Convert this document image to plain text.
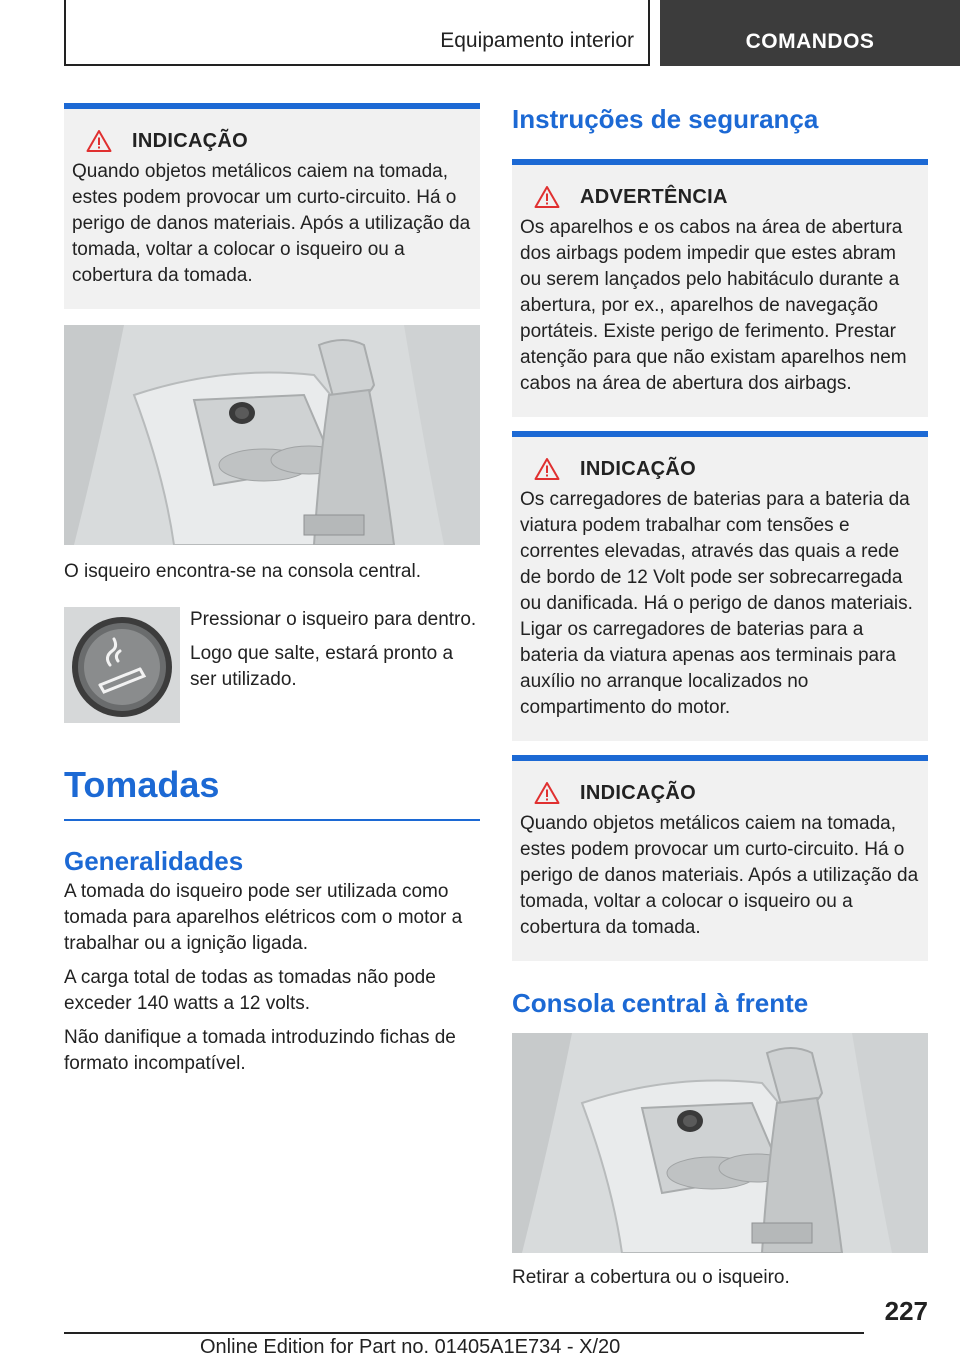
Equipamento interior	COMANDOS
INDICAÇÃO
Quando objetos metálicos caiem na tomada, estes podem provocar um curto-circuito. Há o perigo de danos materiais. Após a utilização da tomada, voltar a colocar o isqueiro ou a cobertura da tomada.
O isqueiro encontra-se na consola central.

Pressionar o isqueiro para dentro.

Logo que salte, estará pronto a ser utilizado.

Tomadas
Generalidades

A tomada do isqueiro pode ser utilizada como tomada para aparelhos elétricos com o motor a trabalhar ou a ignição ligada.

A carga total de todas as tomadas não pode exceder 140 watts a 12 volts.

Não danifique a tomada introduzindo fichas de formato incompatível.

Instruções de segurança
ADVERTÊNCIA
Os aparelhos e os cabos na área de abertura dos airbags podem impedir que estes abram ou serem lançados pelo habitáculo durante a abertura, por ex., aparelhos de navegação portáteis. Existe perigo de ferimento. Prestar atenção para que não existam aparelhos nem cabos na área de abertura dos airbags.
INDICAÇÃO
Os carregadores de baterias para a bateria da viatura podem trabalhar com tensões e correntes elevadas, através das quais a rede de bordo de 12 Volt pode ser sobrecarregada ou danificada. Há o perigo de danos materiais. Ligar os carregadores de baterias para a bateria da viatura apenas aos terminais para auxílio no arranque localizados no compartimento do motor.
INDICAÇÃO
Quando objetos metálicos caiem na tomada, estes podem provocar um curto-circuito. Há o perigo de danos materiais. Após a utilização da tomada, voltar a colocar o isqueiro ou a cobertura da tomada.
Consola central à frente
Retirar a cobertura ou o isqueiro.
227
Online Edition for Part no. 01405A1E734 - X/20
